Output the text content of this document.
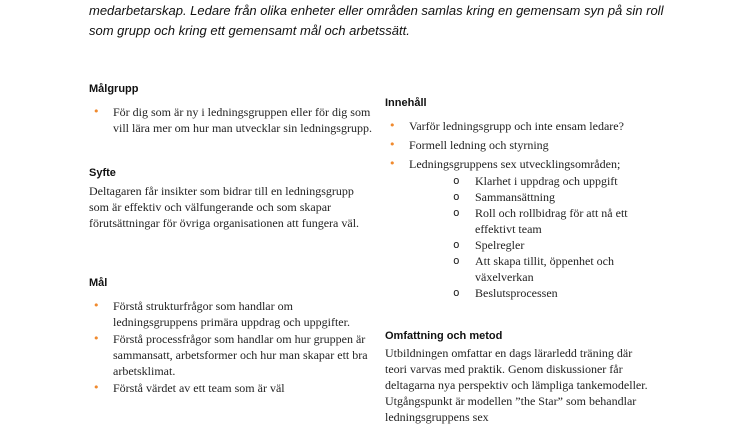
medarbetarskap. Ledare från olika enheter eller områden samlas kring en gemensam syn på sin roll som grupp och kring ett gemensamt mål och arbetssätt.
Målgrupp
• För dig som är ny i ledningsgruppen eller för dig som vill lära mer om hur man utvecklar sin ledningsgrupp.
Syfte
Deltagaren får insikter som bidrar till en ledningsgrupp som är effektiv och välfungerande och som skapar förutsättningar för övriga organisationen att fungera väl.
Mål
• Förstå strukturfrågor som handlar om ledningsgruppens primära uppdrag och uppgifter.
• Förstå processfrågor som handlar om hur gruppen är sammansatt, arbetsformer och hur man skapar ett bra arbetsklimat.
• Förstå värdet av ett team som är väl
Innehåll
• Varför ledningsgrupp och inte ensam ledare?
• Formell ledning och styrning
• Ledningsgruppens sex utvecklingsområden;
o Klarhet i uppdrag och uppgift
o Sammansättning
o Roll och rollbidrag för att nå ett effektivt team
o Spelregler
o Att skapa tillit, öppenhet och växelverkan
o Beslutsprocessen
Omfattning och metod
Utbildningen omfattar en dags lärarledd träning där teori varvas med praktik. Genom diskussioner får deltagarna nya perspektiv och lämpliga tankemodeller. Utgångspunkt är modellen ”the Star” som behandlar ledningsgruppens sex
